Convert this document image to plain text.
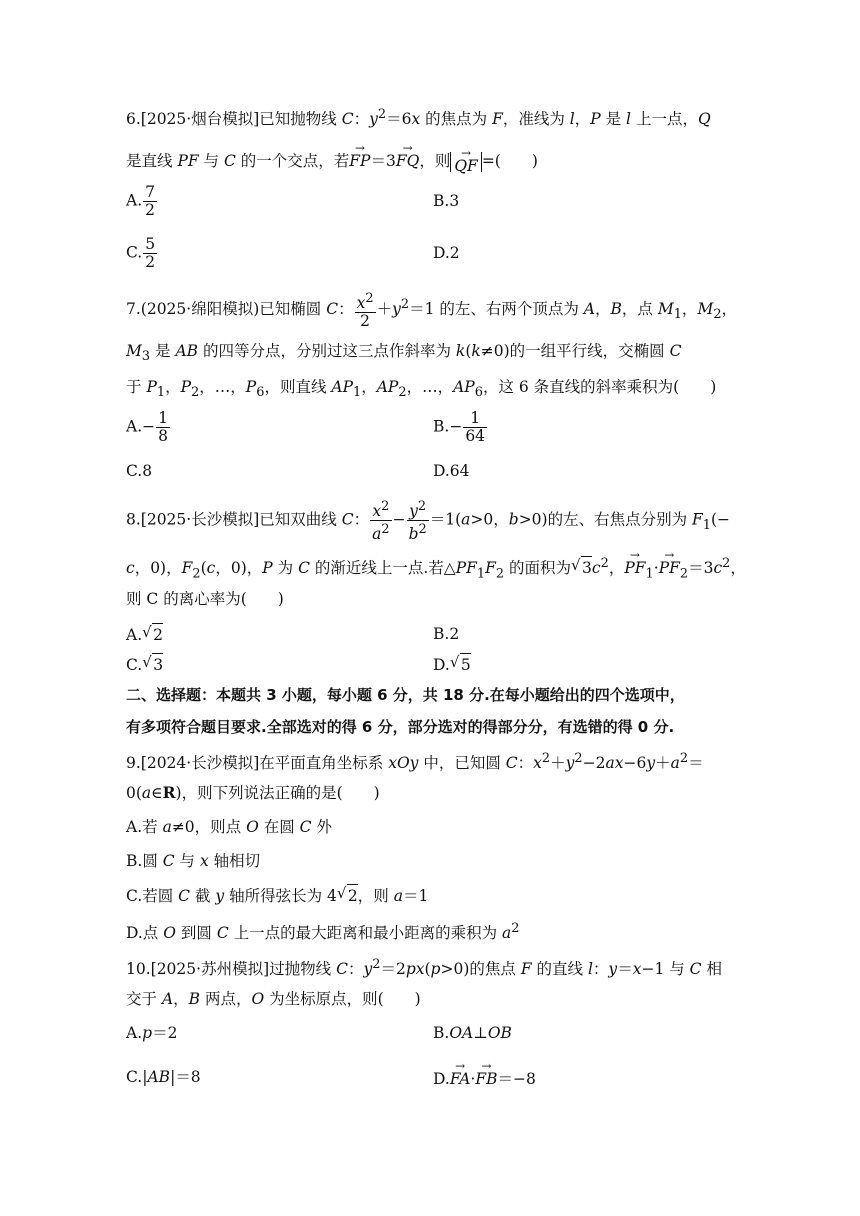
6.[2025·烟台模拟]已知抛物线 C：$y^2=6x$ 的焦点为 F，准线为 l，P 是 l 上一点，Q
是直线 PF 与 C 的一个交点，若→ FP＝3→ FQ，则 → QF =(　　)
A. $\frac{7}{2}$	B.3
C. $\frac{5}{2}$	D.2
7.(2025·绵阳模拟)已知椭圆 C： $\frac{x^2}{2} +y^2=1$ 的左、右两个顶点为 A，B，点 $M_1$，$M_2$，
$M_3$ 是 AB 的四等分点，分别过这三点作斜率为 k(k≠0)的一组平行线，交椭圆 C
于 $P_1$，$P_2$，…，$P_6$，则直线 $AP_1$，$AP_2$，…，$AP_6$，这 6 条直线的斜率乘积为(　　)
$A.- \frac{1}{8}$	$B.- \frac{1}{64}$
C.8	D.64
8.[2025·长沙模拟]已知双曲线 C： $\frac{x^2}{a^2} - \frac{y^2}{b^2} =1(a>0$，b>0)的左、右焦点分别为 $F_1(-$
c，0)，$F_2(c$，0)，P 为 C 的渐近线上一点.若$\triangle PF_1F_2$ 的面积为 √ $3c^2$，→ $PF_1\cdot\to PF_2=3c^2$，
则 C 的离心率为(　　)
A. √ 2	B.2
C. √ 3	D. √ 5
二、选择题：本题共 3 小题，每小题 6 分，共 18 分.在每小题给出的四个选项中，
有多项符合题目要求.全部选对的得 6 分，部分选对的得部分分，有选错的得 0 分.
9.[2024·长沙模拟]在平面直角坐标系 xOy 中，已知圆 C：$x^2+y^2-2ax-6y+a^2=$
0(a∈R)，则下列说法正确的是(　　)
A.若 a≠0，则点 O 在圆 C 外
B.圆 C 与 x 轴相切
C.若圆 C 截 y 轴所得弦长为 4 √ 2，则 a＝1
D.点 O 到圆 C 上一点的最大距离和最小距离的乘积为 $a^2$
10.[2025·苏州模拟]过抛物线 C：$y^2=2px(p>0)$的焦点 F 的直线 l：y＝x−1 与 C 相
交于 A，B 两点，O 为坐标原点，则(　　)
A.p＝2	B.OA⊥OB
C.|AB|＝8	D.→ FA·→ FB＝−8
